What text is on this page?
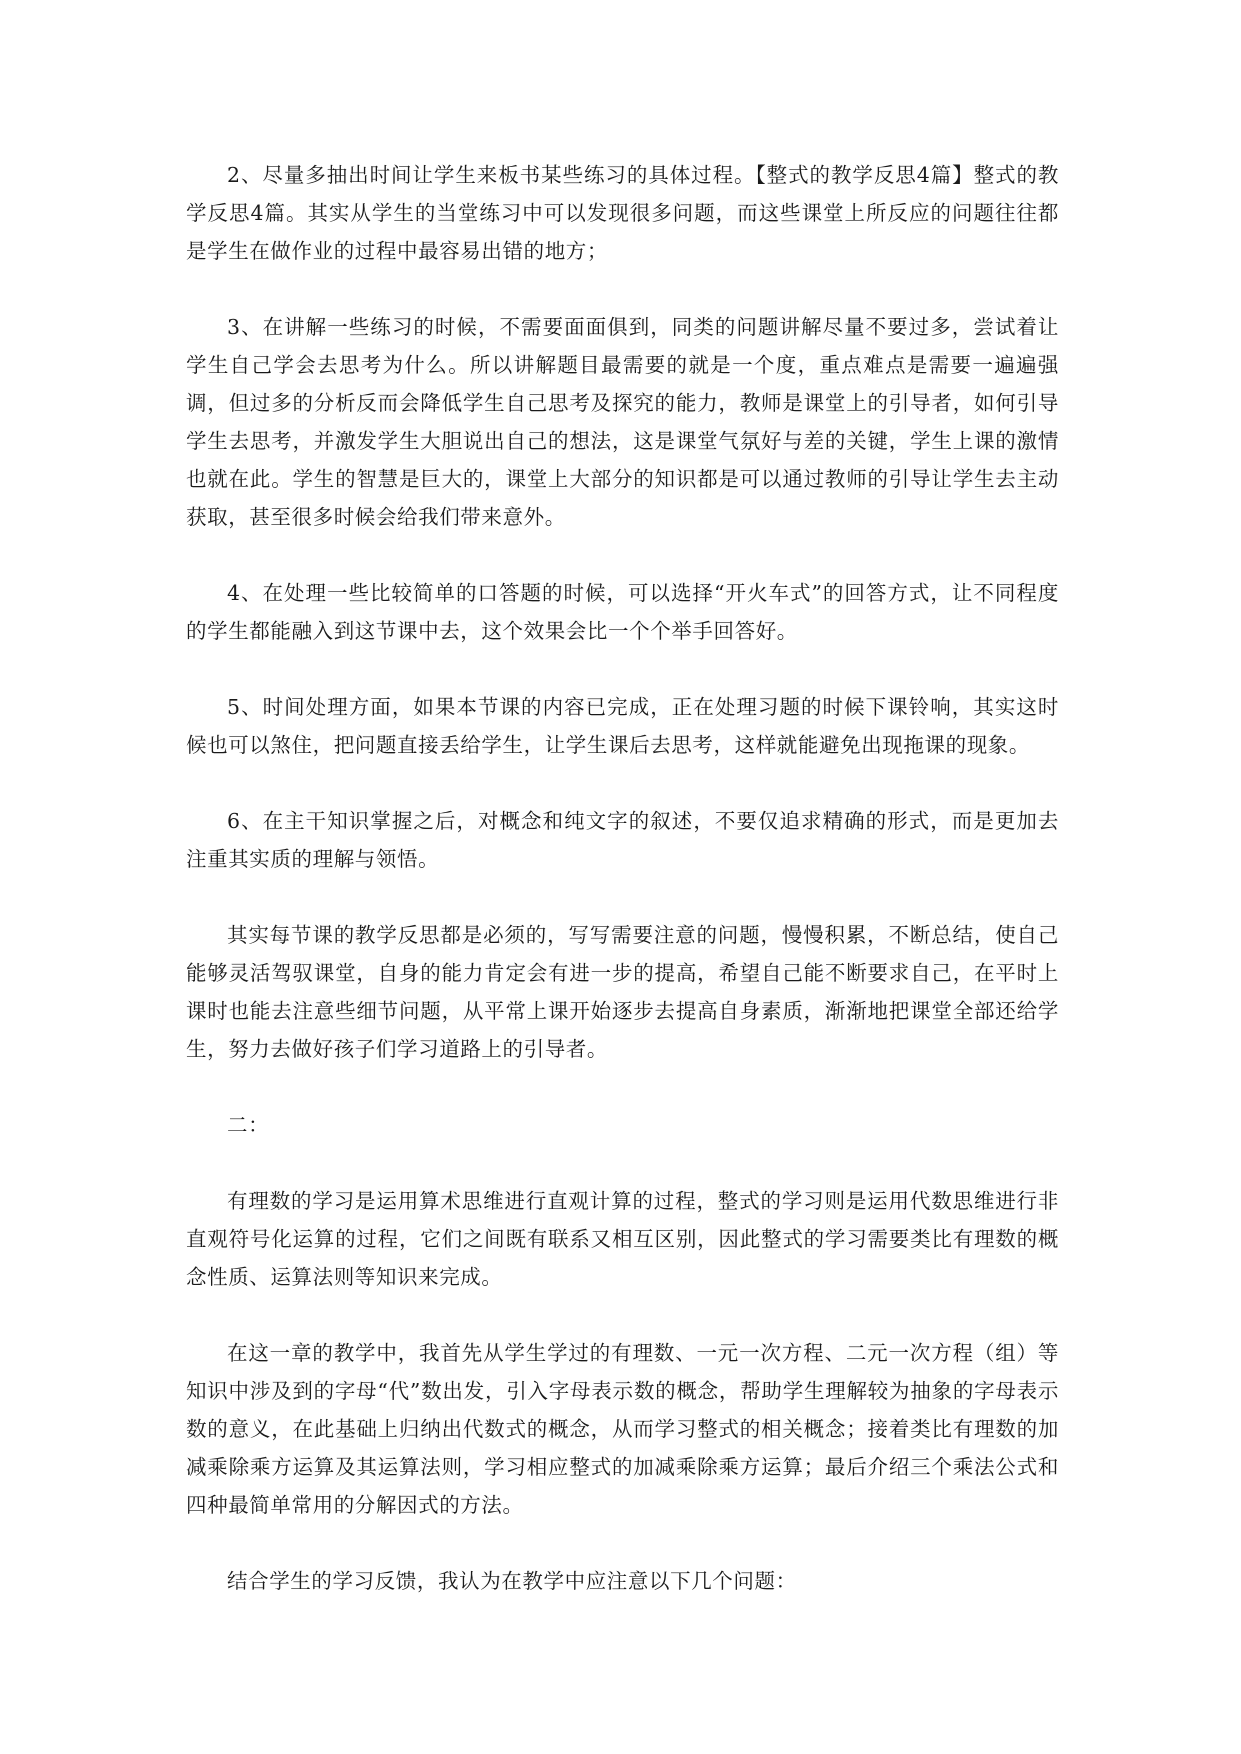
2、尽量多抽出时间让学生来板书某些练习的具体过程。【整式的教学反思4篇】整式的教学反思4篇。其实从学生的当堂练习中可以发现很多问题，而这些课堂上所反应的问题往往都是学生在做作业的过程中最容易出错的地方；

3、在讲解一些练习的时候，不需要面面俱到，同类的问题讲解尽量不要过多，尝试着让学生自己学会去思考为什么。所以讲解题目最需要的就是一个度，重点难点是需要一遍遍强调，但过多的分析反而会降低学生自己思考及探究的能力，教师是课堂上的引导者，如何引导学生去思考，并激发学生大胆说出自己的想法，这是课堂气氛好与差的关键，学生上课的激情也就在此。学生的智慧是巨大的，课堂上大部分的知识都是可以通过教师的引导让学生去主动获取，甚至很多时候会给我们带来意外。

4、在处理一些比较简单的口答题的时候，可以选择“开火车式”的回答方式，让不同程度的学生都能融入到这节课中去，这个效果会比一个个举手回答好。

5、时间处理方面，如果本节课的内容已完成，正在处理习题的时候下课铃响，其实这时候也可以煞住，把问题直接丢给学生，让学生课后去思考，这样就能避免出现拖课的现象。

6、在主干知识掌握之后，对概念和纯文字的叙述，不要仅追求精确的形式，而是更加去注重其实质的理解与领悟。

其实每节课的教学反思都是必须的，写写需要注意的问题，慢慢积累，不断总结，使自己能够灵活驾驭课堂，自身的能力肯定会有进一步的提高，希望自己能不断要求自己，在平时上课时也能去注意些细节问题，从平常上课开始逐步去提高自身素质，渐渐地把课堂全部还给学生，努力去做好孩子们学习道路上的引导者。

二：

有理数的学习是运用算术思维进行直观计算的过程，整式的学习则是运用代数思维进行非直观符号化运算的过程，它们之间既有联系又相互区别，因此整式的学习需要类比有理数的概念性质、运算法则等知识来完成。

在这一章的教学中，我首先从学生学过的有理数、一元一次方程、二元一次方程（组）等知识中涉及到的字母“代”数出发，引入字母表示数的概念，帮助学生理解较为抽象的字母表示数的意义，在此基础上归纳出代数式的概念，从而学习整式的相关概念；接着类比有理数的加减乘除乘方运算及其运算法则，学习相应整式的加减乘除乘方运算；最后介绍三个乘法公式和四种最简单常用的分解因式的方法。

结合学生的学习反馈，我认为在教学中应注意以下几个问题：
